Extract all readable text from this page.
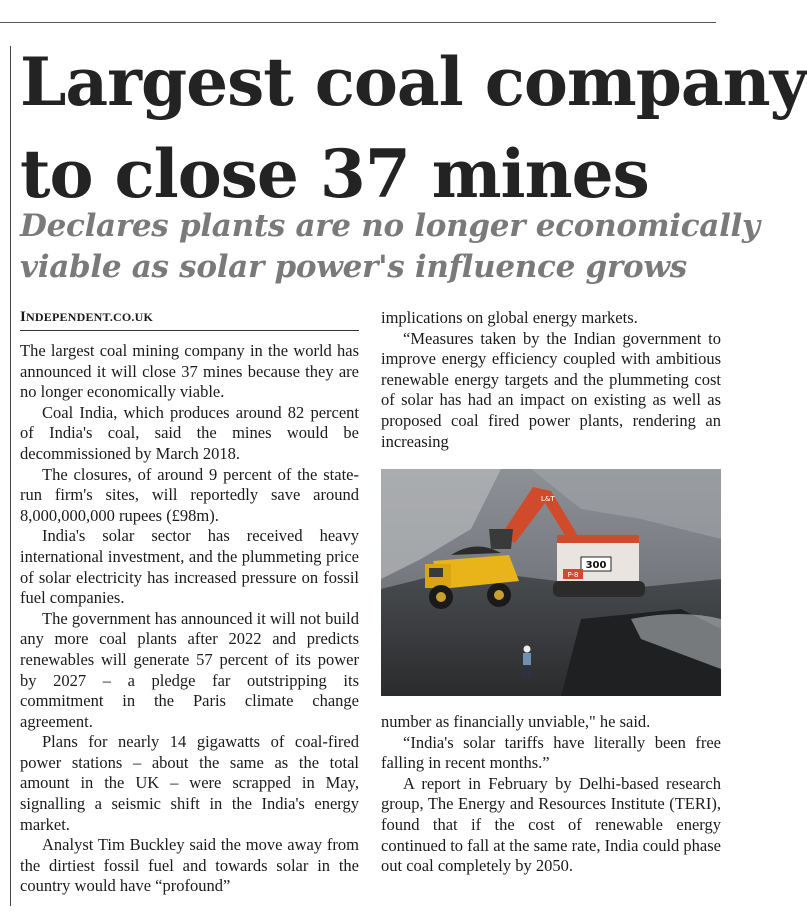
Largest coal company
to close 37 mines
Declares plants are no longer economically
viable as solar power's influence grows
INDEPENDENT.CO.UK

The largest coal mining company in the world has announced it will close 37 mines because they are no longer economically viable.

Coal India, which produces around 82 percent of India's coal, said the mines would be decommissioned by March 2018.

The closures, of around 9 percent of the state-run firm's sites, will reportedly save around 8,000,000,000 rupees (£98m).

India's solar sector has received heavy international investment, and the plummeting price of solar electricity has increased pressure on fossil fuel companies.

The government has announced it will not build any more coal plants after 2022 and predicts renewables will generate 57 percent of its power by 2027 – a pledge far outstripping its commitment in the Paris climate change agreement.

Plans for nearly 14 gigawatts of coal-fired power stations – about the same as the total amount in the UK – were scrapped in May, signalling a seismic shift in the India's energy market.

Analyst Tim Buckley said the move away from the dirtiest fossil fuel and towards solar in the country would have “profound”

implications on global energy markets.

“Measures taken by the Indian government to improve energy efficiency coupled with ambitious renewable energy targets and the plummeting cost of solar has had an impact on existing as well as proposed coal fired power plants, rendering an increasing

L&T
300
P-8

number as financially unviable," he said.

“India's solar tariffs have literally been free falling in recent months.”

A report in February by Delhi-based research group, The Energy and Resources Institute (TERI), found that if the cost of renewable energy continued to fall at the same rate, India could phase out coal completely by 2050.
